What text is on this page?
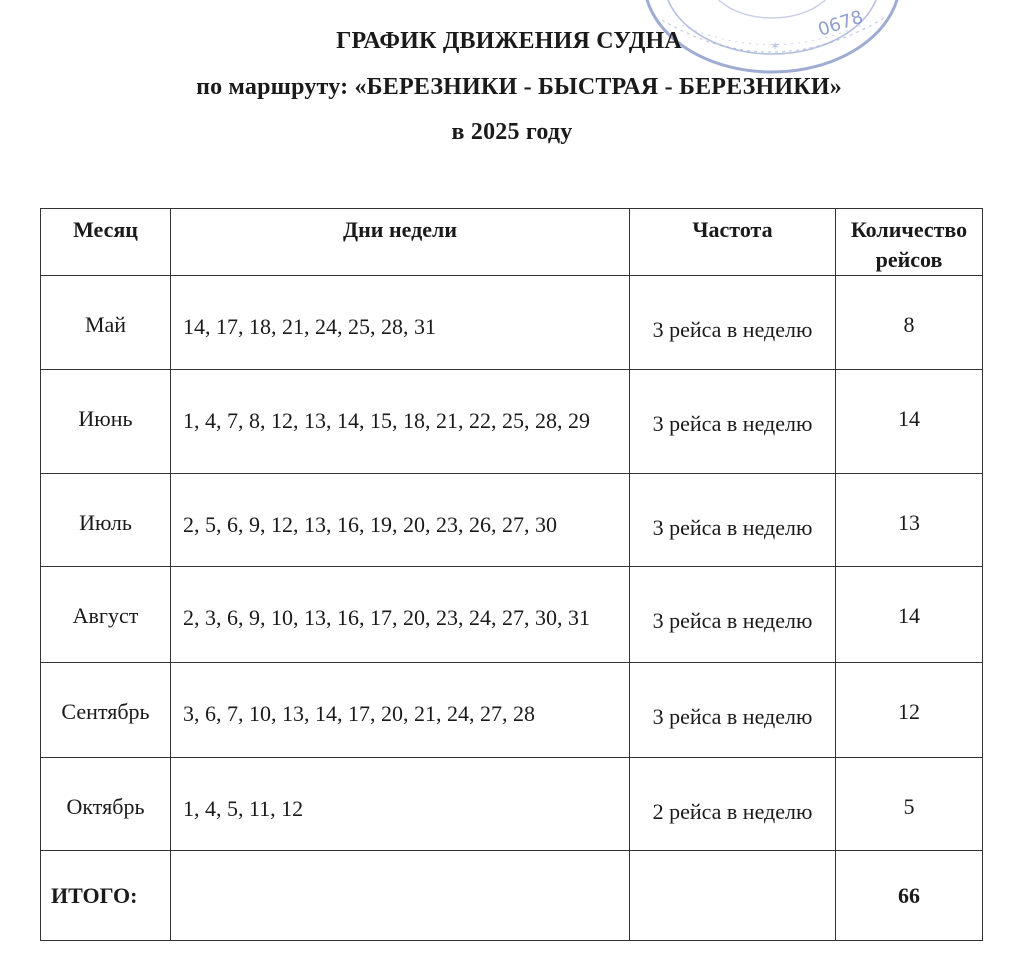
0678
✶
ГРАФИК ДВИЖЕНИЯ СУДНА
по маршруту: «БЕРЕЗНИКИ - БЫСТРАЯ - БЕРЕЗНИКИ»
в 2025 году
Месяц	Дни недели	Частота	Количество рейсов
Май	14, 17, 18, 21, 24, 25, 28, 31	3 рейса в неделю	8
Июнь	1, 4, 7, 8, 12, 13, 14, 15, 18, 21, 22, 25, 28, 29	3 рейса в неделю	14
Июль	2, 5, 6, 9, 12, 13, 16, 19, 20, 23, 26, 27, 30	3 рейса в неделю	13
Август	2, 3, 6, 9, 10, 13, 16, 17, 20, 23, 24, 27, 30, 31	3 рейса в неделю	14
Сентябрь	3, 6, 7, 10, 13, 14, 17, 20, 21, 24, 27, 28	3 рейса в неделю	12
Октябрь	1, 4, 5, 11, 12	2 рейса в неделю	5
ИТОГО:			66
